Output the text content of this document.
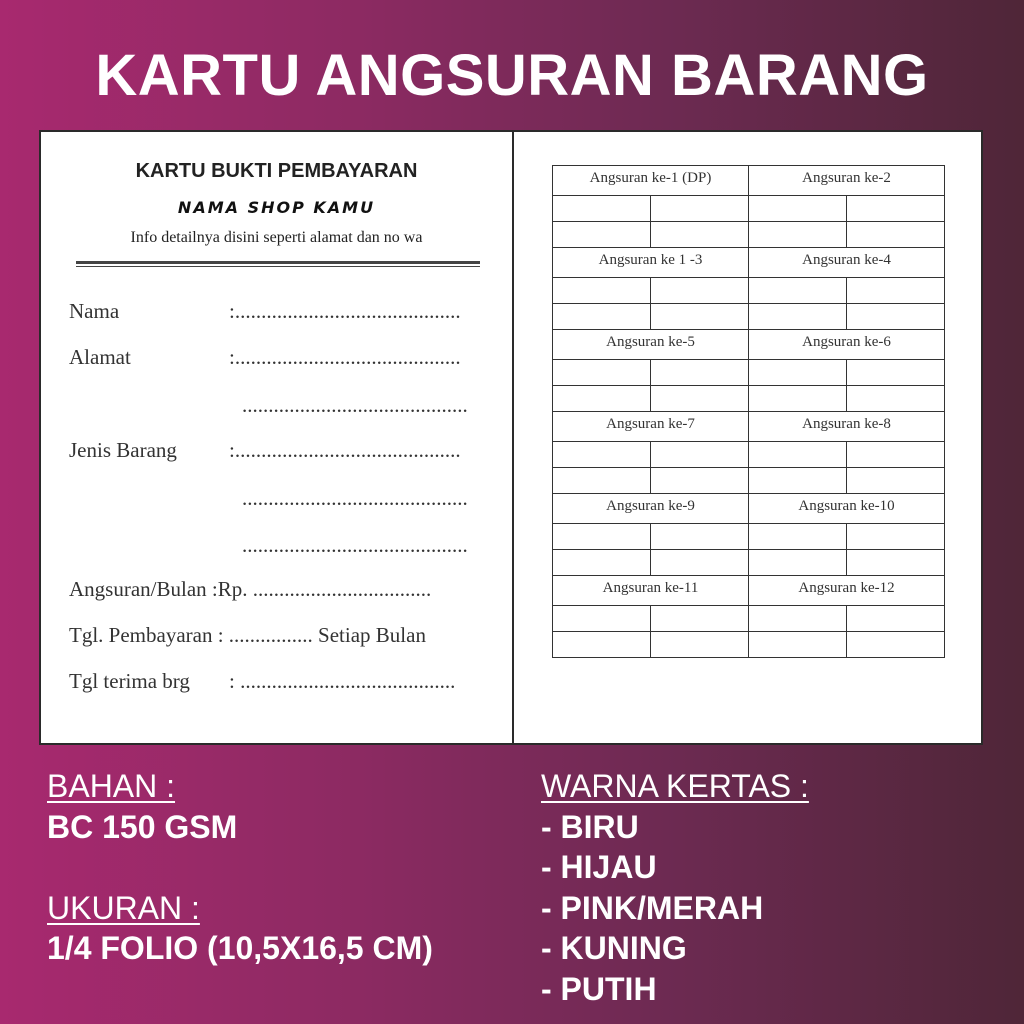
KARTU ANGSURAN BARANG
KARTU BUKTI PEMBAYARAN
NAMA SHOP KAMU
Info detailnya disini seperti alamat dan no wa
Nama	:...........................................
Alamat	:...........................................
...........................................
Jenis Barang :...........................................
...........................................
...........................................
Angsuran/Bulan :Rp. ..................................
Tgl. Pembayaran : ................ Setiap Bulan
Tgl terima brg : .........................................
Angsuran ke-1 (DP)		Angsuran ke-2	

Angsuran ke 1 -3		Angsuran ke-4	

Angsuran ke-5		Angsuran ke-6	

Angsuran ke-7		Angsuran ke-8	

Angsuran ke-9		Angsuran ke-10	

Angsuran ke-11		Angsuran ke-12	

BAHAN :
BC 150 GSM
UKURAN :
1/4 FOLIO (10,5X16,5 CM)
WARNA KERTAS :
- BIRU
- HIJAU
- PINK/MERAH
- KUNING
- PUTIH
